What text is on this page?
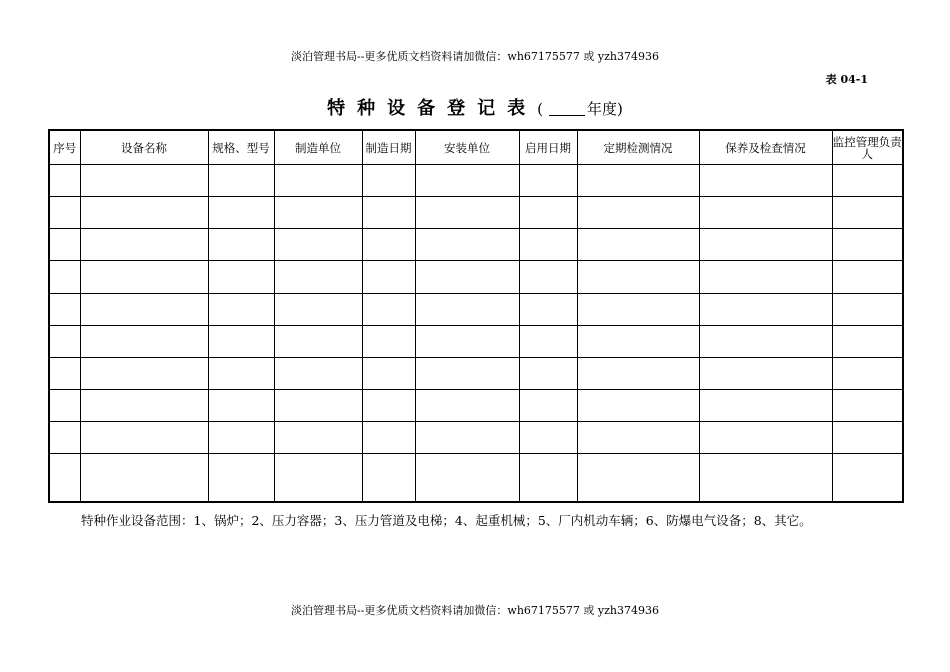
淡泊管理书局--更多优质文档资料请加微信：wh67175577 或 yzh374936
表 04-1
特种设备登记表(	年度)
序号	设备名称	规格、型号	制造单位	制造日期	安装单位	启用日期	定期检测情况	保养及检查情况	监控管理负责人

特种作业设备范围：1、锅炉；2、压力容器；3、压力管道及电梯；4、起重机械；5、厂内机动车辆；6、防爆电气设备；8、其它。
淡泊管理书局--更多优质文档资料请加微信：wh67175577 或 yzh374936
